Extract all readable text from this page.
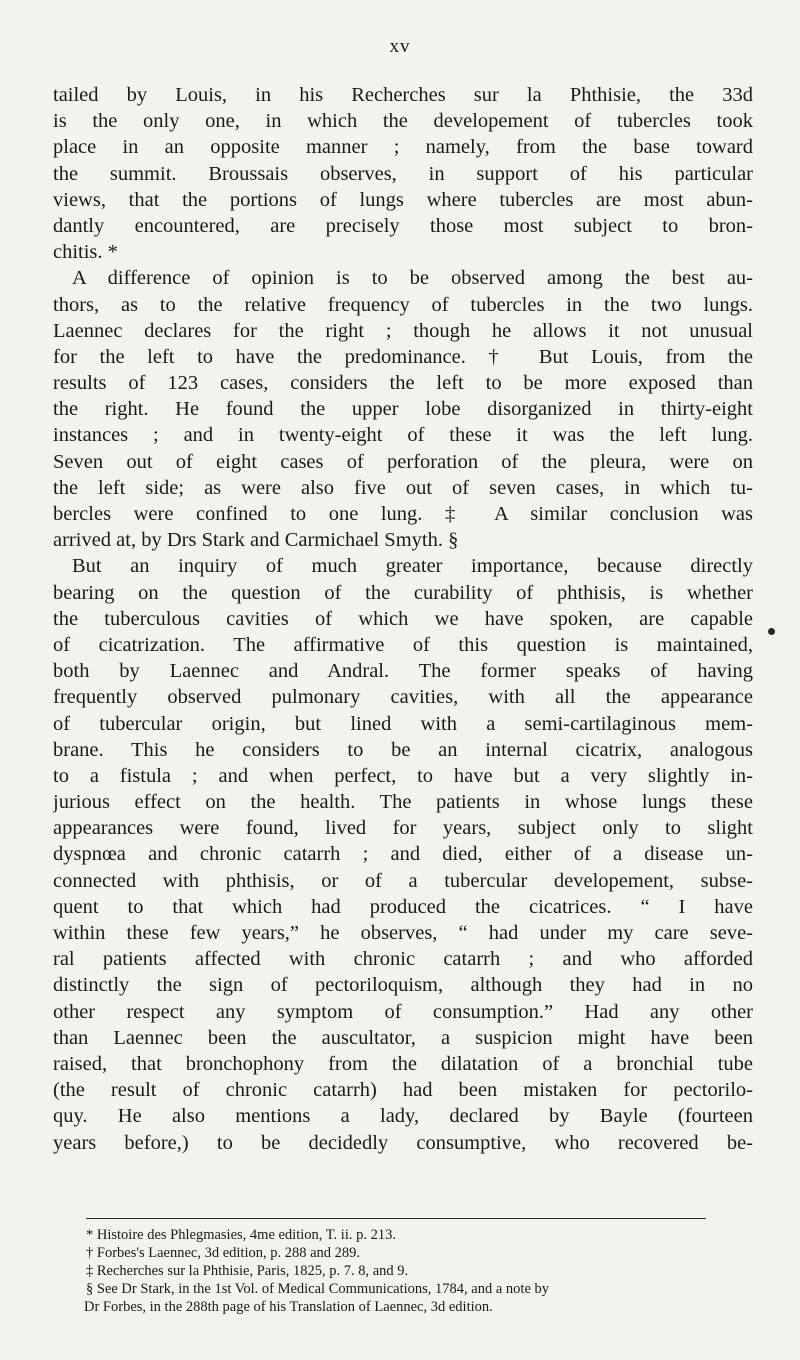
xv
tailed by Louis, in his Recherches sur la Phthisie, the 33d
is the only one, in which the developement of tubercles took
place in an opposite manner ; namely, from the base toward
the summit. Broussais observes, in support of his particular
views, that the portions of lungs where tubercles are most abun-
dantly encountered, are precisely those most subject to bron-
chitis. *
A difference of opinion is to be observed among the best au-
thors, as to the relative frequency of tubercles in the two lungs.
Laennec declares for the right ; though he allows it not unusual
for the left to have the predominance. † But Louis, from the
results of 123 cases, considers the left to be more exposed than
the right. He found the upper lobe disorganized in thirty-eight
instances ; and in twenty-eight of these it was the left lung.
Seven out of eight cases of perforation of the pleura, were on
the left side; as were also five out of seven cases, in which tu-
bercles were confined to one lung. ‡ A similar conclusion was
arrived at, by Drs Stark and Carmichael Smyth. §
But an inquiry of much greater importance, because directly
bearing on the question of the curability of phthisis, is whether
the tuberculous cavities of which we have spoken, are capable
of cicatrization. The affirmative of this question is maintained,
both by Laennec and Andral. The former speaks of having
frequently observed pulmonary cavities, with all the appearance
of tubercular origin, but lined with a semi-cartilaginous mem-
brane. This he considers to be an internal cicatrix, analogous
to a fistula ; and when perfect, to have but a very slightly in-
jurious effect on the health. The patients in whose lungs these
appearances were found, lived for years, subject only to slight
dyspnœa and chronic catarrh ; and died, either of a disease un-
connected with phthisis, or of a tubercular developement, subse-
quent to that which had produced the cicatrices. “ I have
within these few years,” he observes, “ had under my care seve-
ral patients affected with chronic catarrh ; and who afforded
distinctly the sign of pectoriloquism, although they had in no
other respect any symptom of consumption.” Had any other
than Laennec been the auscultator, a suspicion might have been
raised, that bronchophony from the dilatation of a bronchial tube
(the result of chronic catarrh) had been mistaken for pectorilo-
quy. He also mentions a lady, declared by Bayle (fourteen
years before,) to be decidedly consumptive, who recovered be-
* Histoire des Phlegmasies, 4me edition, T. ii. p. 213.
† Forbes's Laennec, 3d edition, p. 288 and 289.
‡ Recherches sur la Phthisie, Paris, 1825, p. 7. 8, and 9.
§ See Dr Stark, in the 1st Vol. of Medical Communications, 1784, and a note by
Dr Forbes, in the 288th page of his Translation of Laennec, 3d edition.
